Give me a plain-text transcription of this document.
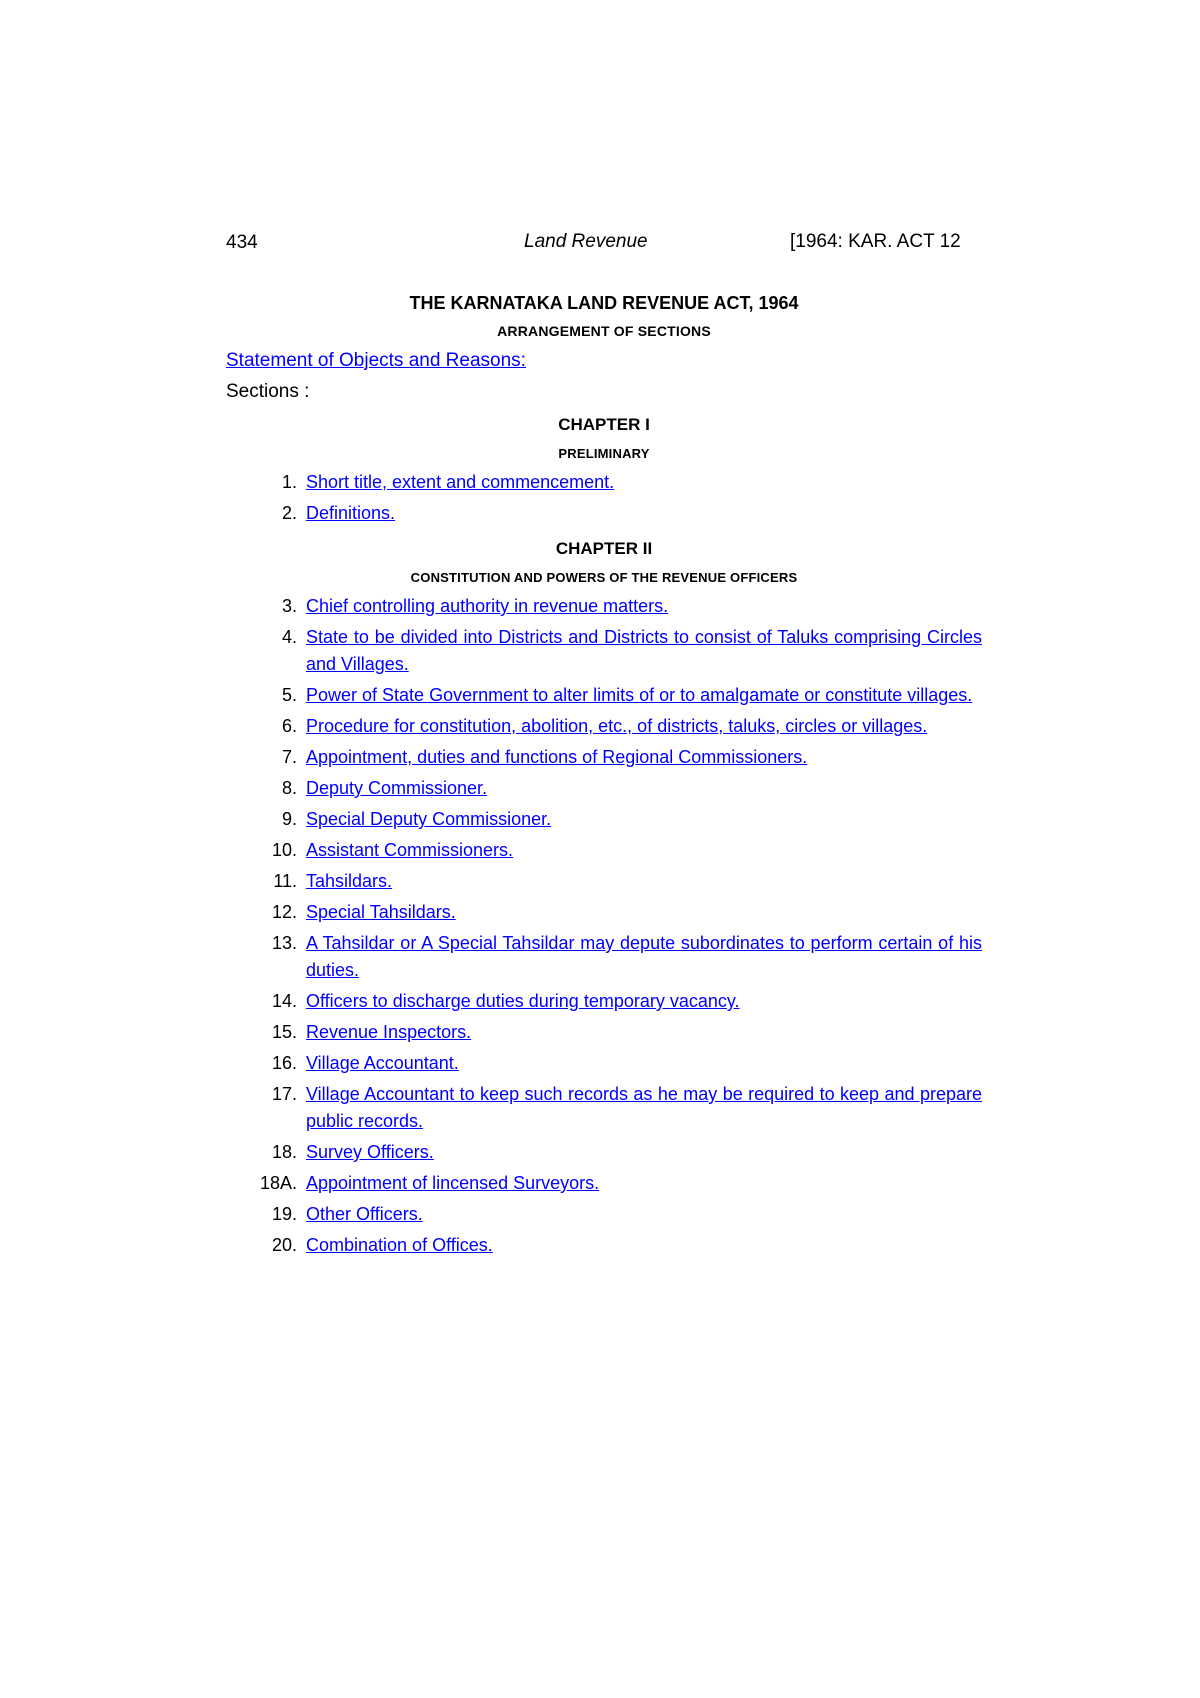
434	Land Revenue	[1964: KAR. ACT 12
THE KARNATAKA LAND REVENUE ACT, 1964
ARRANGEMENT OF SECTIONS
Statement of Objects and Reasons:
Sections :
CHAPTER I
PRELIMINARY
1. Short title, extent and commencement.
2. Definitions.
CHAPTER II
CONSTITUTION AND POWERS OF THE REVENUE OFFICERS
3. Chief controlling authority in revenue matters.
4. State to be divided into Districts and Districts to consist of Taluks comprising Circles and Villages.
5. Power of State Government to alter limits of or to amalgamate or constitute villages.
6. Procedure for constitution, abolition, etc., of districts, taluks, circles or villages.
7. Appointment, duties and functions of Regional Commissioners.
8. Deputy Commissioner.
9. Special Deputy Commissioner.
10. Assistant Commissioners.
11. Tahsildars.
12. Special Tahsildars.
13. A Tahsildar or A Special Tahsildar may depute subordinates to perform certain of his duties.
14. Officers to discharge duties during temporary vacancy.
15. Revenue Inspectors.
16. Village Accountant.
17. Village Accountant to keep such records as he may be required to keep and prepare public records.
18. Survey Officers.
18A. Appointment of lincensed Surveyors.
19. Other Officers.
20. Combination of Offices.
